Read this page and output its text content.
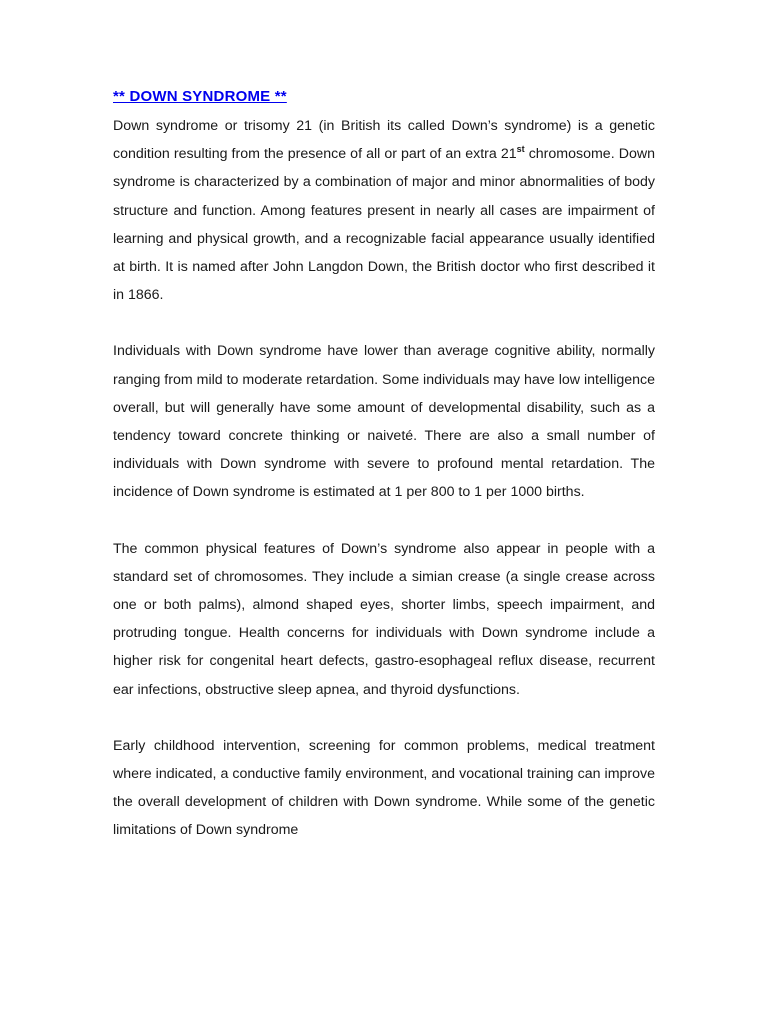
** DOWN SYNDROME **

Down syndrome or trisomy 21 (in British its called Down’s syndrome) is a genetic condition resulting from the presence of all or part of an extra 21st chromosome. Down syndrome is characterized by a combination of major and minor abnormalities of body structure and function. Among features present in nearly all cases are impairment of learning and physical growth, and a recognizable facial appearance usually identified at birth. It is named after John Langdon Down, the British doctor who first described it in 1866.

Individuals with Down syndrome have lower than average cognitive ability, normally ranging from mild to moderate retardation. Some individuals may have low intelligence overall, but will generally have some amount of developmental disability, such as a tendency toward concrete thinking or naiveté. There are also a small number of individuals with Down syndrome with severe to profound mental retardation. The incidence of Down syndrome is estimated at 1 per 800 to 1 per 1000 births.

The common physical features of Down’s syndrome also appear in people with a standard set of chromosomes. They include a simian crease (a single crease across one or both palms), almond shaped eyes, shorter limbs, speech impairment, and protruding tongue. Health concerns for individuals with Down syndrome include a higher risk for congenital heart defects, gastro-esophageal reflux disease, recurrent ear infections, obstructive sleep apnea, and thyroid dysfunctions.

Early childhood intervention, screening for common problems, medical treatment where indicated, a conductive family environment, and vocational training can improve the overall development of children with Down syndrome. While some of the genetic limitations of Down syndrome
